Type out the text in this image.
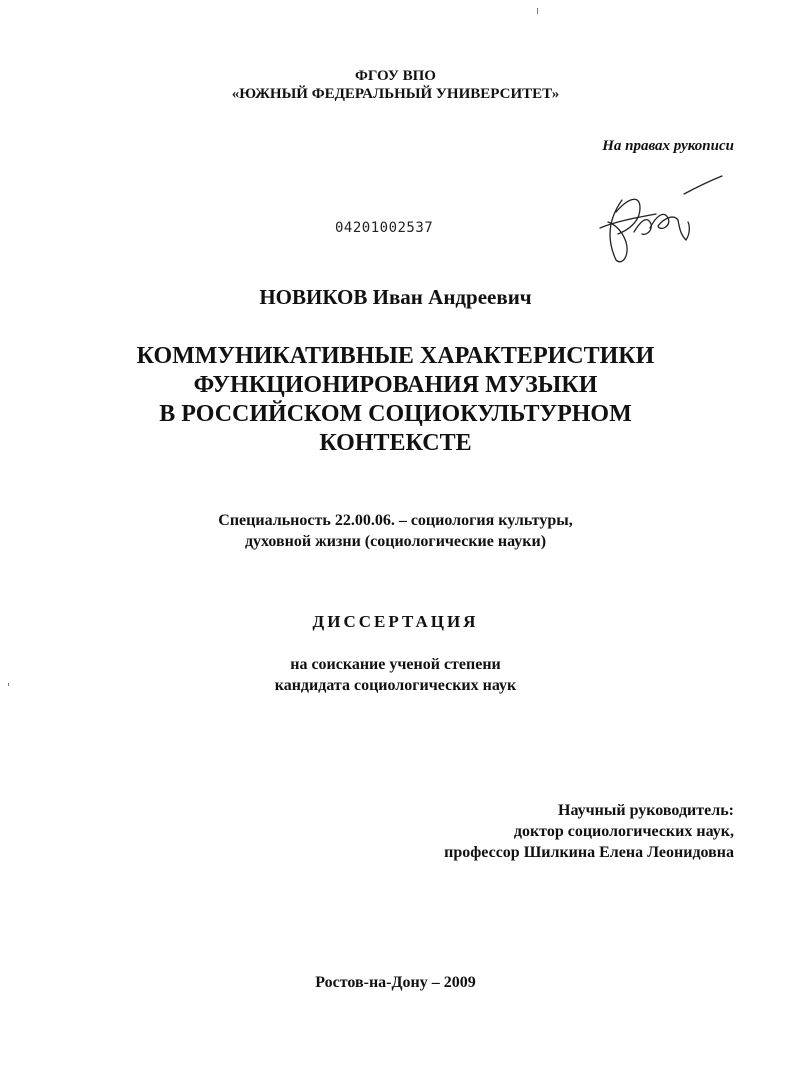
ФГОУ ВПО
«ЮЖНЫЙ ФЕДЕРАЛЬНЫЙ УНИВЕРСИТЕТ»
На правах рукописи
04201002537
НОВИКОВ Иван Андреевич
КОММУНИКАТИВНЫЕ ХАРАКТЕРИСТИКИ
ФУНКЦИОНИРОВАНИЯ МУЗЫКИ
В РОССИЙСКОМ СОЦИОКУЛЬТУРНОМ
КОНТЕКСТЕ
Специальность 22.00.06. – социология культуры,
духовной жизни (социологические науки)
ДИССЕРТАЦИЯ
на соискание ученой степени
кандидата социологических наук
Научный руководитель:
доктор социологических наук,
профессор Шилкина Елена Леонидовна
Ростов-на-Дону – 2009
